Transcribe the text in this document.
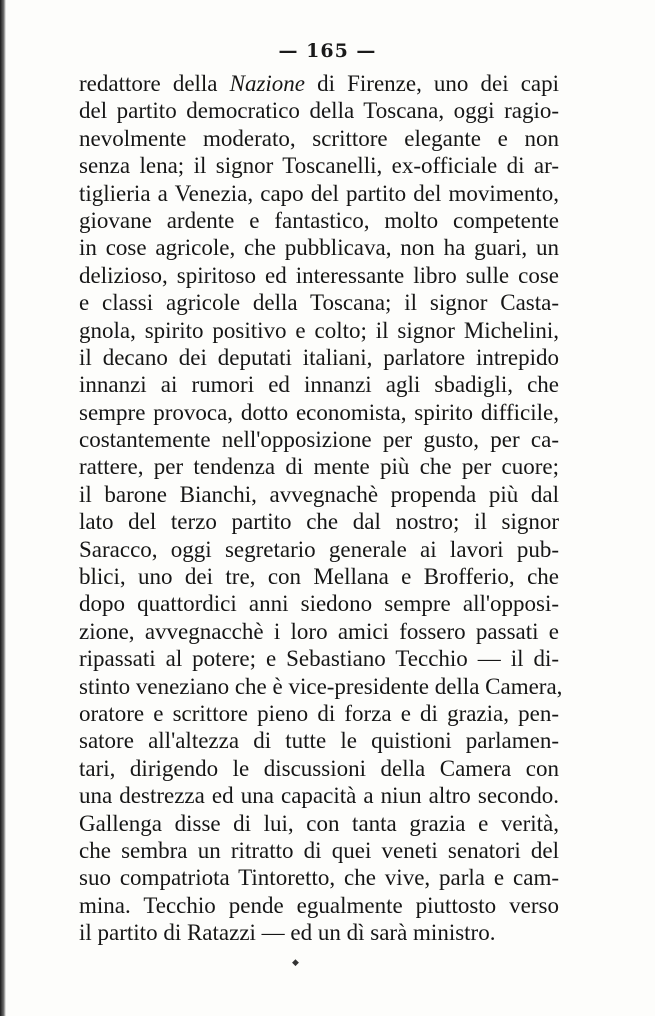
— 165 —
redattore della Nazione di Firenze, uno dei capi
del partito democratico della Toscana, oggi ragio-
nevolmente moderato, scrittore elegante e non
senza lena; il signor Toscanelli, ex-officiale di ar-
tiglieria a Venezia, capo del partito del movimento,
giovane ardente e fantastico, molto competente
in cose agricole, che pubblicava, non ha guari, un
delizioso, spiritoso ed interessante libro sulle cose
e classi agricole della Toscana; il signor Casta-
gnola, spirito positivo e colto; il signor Michelini,
il decano dei deputati italiani, parlatore intrepido
innanzi ai rumori ed innanzi agli sbadigli, che
sempre provoca, dotto economista, spirito difficile,
costantemente nell'opposizione per gusto, per ca-
rattere, per tendenza di mente più che per cuore;
il barone Bianchi, avvegnachè propenda più dal
lato del terzo partito che dal nostro; il signor
Saracco, oggi segretario generale ai lavori pub-
blici, uno dei tre, con Mellana e Brofferio, che
dopo quattordici anni siedono sempre all'opposi-
zione, avvegnacchè i loro amici fossero passati e
ripassati al potere; e Sebastiano Tecchio — il di-
stinto veneziano che è vice-presidente della Camera,
oratore e scrittore pieno di forza e di grazia, pen-
satore all'altezza di tutte le quistioni parlamen-
tari, dirigendo le discussioni della Camera con
una destrezza ed una capacità a niun altro secondo.
Gallenga disse di lui, con tanta grazia e verità,
che sembra un ritratto di quei veneti senatori del
suo compatriota Tintoretto, che vive, parla e cam-
mina. Tecchio pende egualmente piuttosto verso
il partito di Ratazzi — ed un dì sarà ministro.
◆
